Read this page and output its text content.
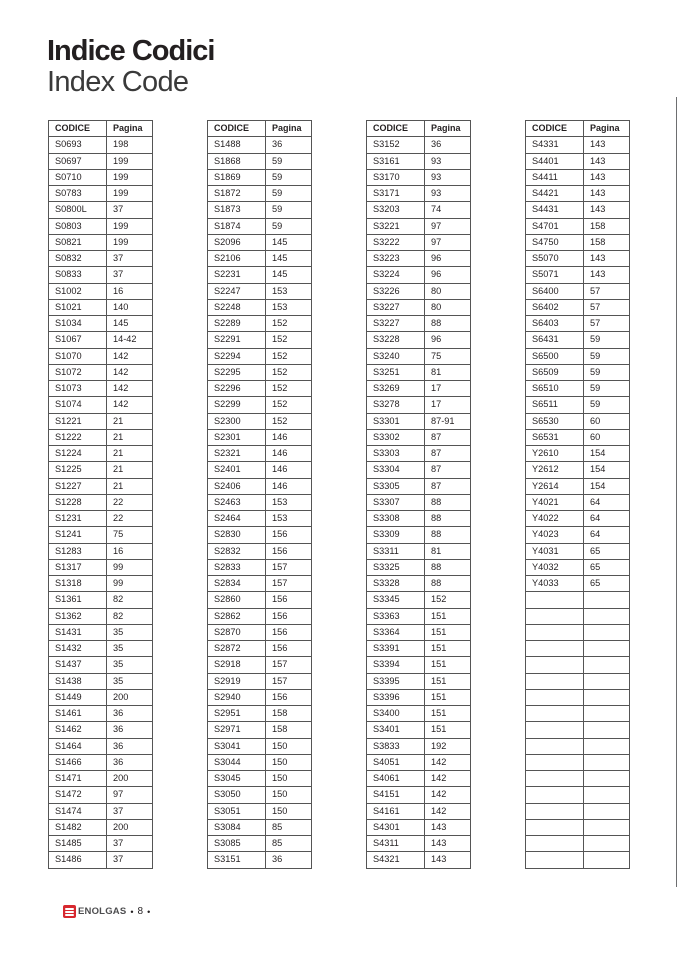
Indice Codici
Index Code
CODICE	Pagina
S0693	198
S0697	199
S0710	199
S0783	199
S0800L	37
S0803	199
S0821	199
S0832	37
S0833	37
S1002	16
S1021	140
S1034	145
S1067	14-42
S1070	142
S1072	142
S1073	142
S1074	142
S1221	21
S1222	21
S1224	21
S1225	21
S1227	21
S1228	22
S1231	22
S1241	75
S1283	16
S1317	99
S1318	99
S1361	82
S1362	82
S1431	35
S1432	35
S1437	35
S1438	35
S1449	200
S1461	36
S1462	36
S1464	36
S1466	36
S1471	200
S1472	97
S1474	37
S1482	200
S1485	37
S1486	37
CODICE	Pagina
S1488	36
S1868	59
S1869	59
S1872	59
S1873	59
S1874	59
S2096	145
S2106	145
S2231	145
S2247	153
S2248	153
S2289	152
S2291	152
S2294	152
S2295	152
S2296	152
S2299	152
S2300	152
S2301	146
S2321	146
S2401	146
S2406	146
S2463	153
S2464	153
S2830	156
S2832	156
S2833	157
S2834	157
S2860	156
S2862	156
S2870	156
S2872	156
S2918	157
S2919	157
S2940	156
S2951	158
S2971	158
S3041	150
S3044	150
S3045	150
S3050	150
S3051	150
S3084	85
S3085	85
S3151	36
CODICE	Pagina
S3152	36
S3161	93
S3170	93
S3171	93
S3203	74
S3221	97
S3222	97
S3223	96
S3224	96
S3226	80
S3227	80
S3227	88
S3228	96
S3240	75
S3251	81
S3269	17
S3278	17
S3301	87-91
S3302	87
S3303	87
S3304	87
S3305	87
S3307	88
S3308	88
S3309	88
S3311	81
S3325	88
S3328	88
S3345	152
S3363	151
S3364	151
S3391	151
S3394	151
S3395	151
S3396	151
S3400	151
S3401	151
S3833	192
S4051	142
S4061	142
S4151	142
S4161	142
S4301	143
S4311	143
S4321	143
CODICE	Pagina
S4331	143
S4401	143
S4411	143
S4421	143
S4431	143
S4701	158
S4750	158
S5070	143
S5071	143
S6400	57
S6402	57
S6403	57
S6431	59
S6500	59
S6509	59
S6510	59
S6511	59
S6530	60
S6531	60
Y2610	154
Y2612	154
Y2614	154
Y4021	64
Y4022	64
Y4023	64
Y4031	65
Y4032	65
Y4033	65

ENOLGAS • 8 •
